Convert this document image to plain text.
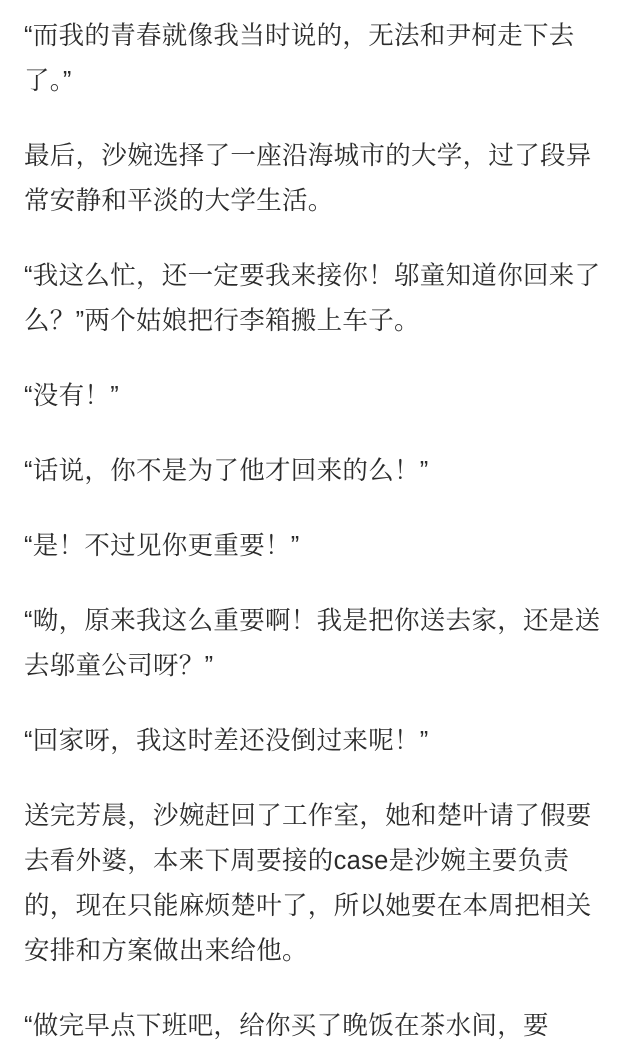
“而我的青春就像我当时说的，无法和尹柯走下去了。”

最后，沙婉选择了一座沿海城市的大学，过了段异常安静和平淡的大学生活。

“我这么忙，还一定要我来接你！邬童知道你回来了么？”两个姑娘把行李箱搬上车子。

“没有！”

“话说，你不是为了他才回来的么！”

“是！不过见你更重要！”

“呦，原来我这么重要啊！我是把你送去家，还是送去邬童公司呀？”

“回家呀，我这时差还没倒过来呢！”

送完芳晨，沙婉赶回了工作室，她和楚叶请了假要去看外婆，本来下周要接的case是沙婉主要负责的，现在只能麻烦楚叶了，所以她要在本周把相关安排和方案做出来给他。

“做完早点下班吧，给你买了晚饭在茶水间，要
